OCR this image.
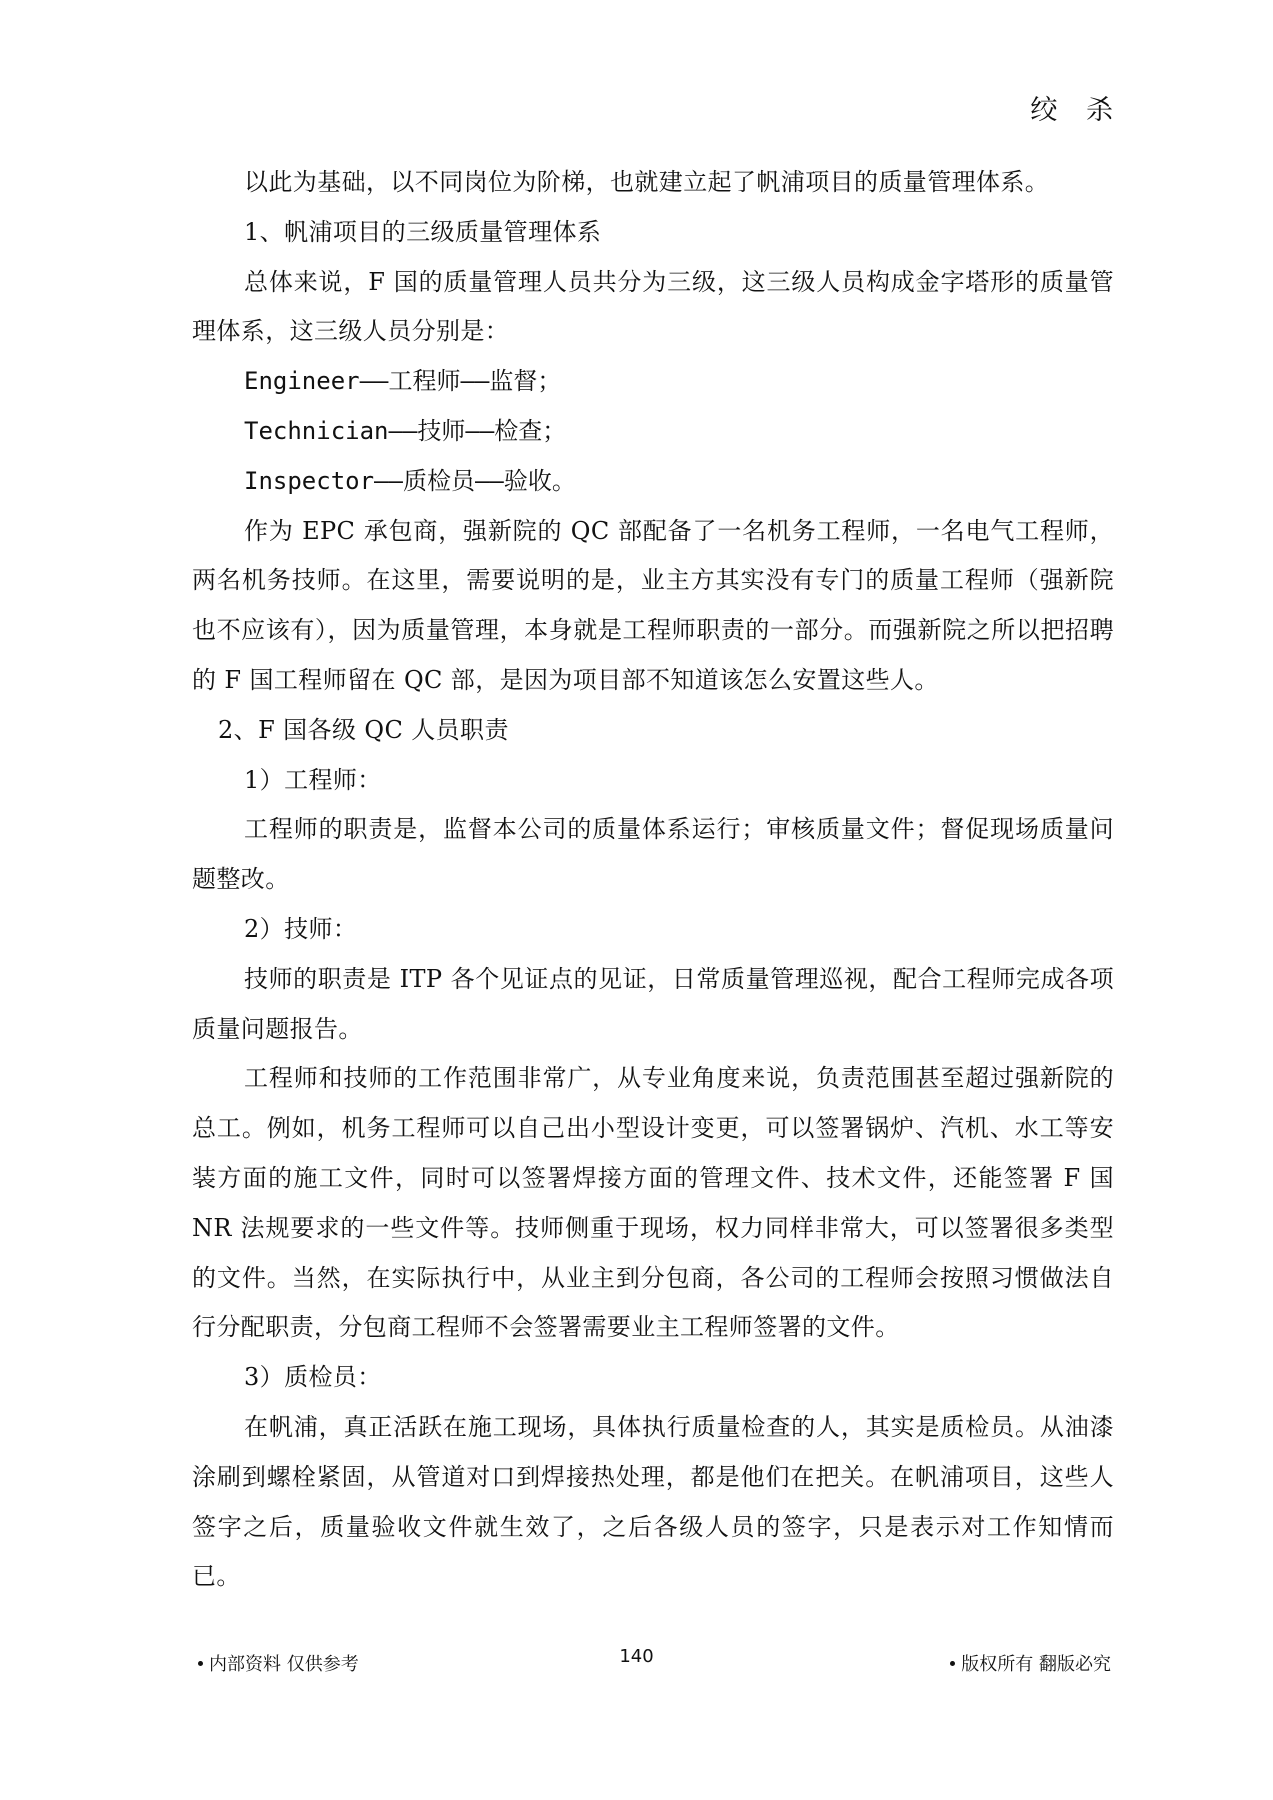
绞 杀

以此为基础，以不同岗位为阶梯，也就建立起了帆浦项目的质量管理体系。

1、帆浦项目的三级质量管理体系

总体来说，F 国的质量管理人员共分为三级，这三级人员构成金字塔形的质量管理体系，这三级人员分别是：

Engineer——工程师——监督；

Technician——技师——检查；

Inspector——质检员——验收。

作为 EPC 承包商，强新院的 QC 部配备了一名机务工程师，一名电气工程师，两名机务技师。在这里，需要说明的是，业主方其实没有专门的质量工程师（强新院也不应该有），因为质量管理，本身就是工程师职责的一部分。而强新院之所以把招聘的 F 国工程师留在 QC 部，是因为项目部不知道该怎么安置这些人。

2、F 国各级 QC 人员职责

1）工程师：

工程师的职责是，监督本公司的质量体系运行；审核质量文件；督促现场质量问题整改。

2）技师：

技师的职责是 ITP 各个见证点的见证，日常质量管理巡视，配合工程师完成各项质量问题报告。

工程师和技师的工作范围非常广，从专业角度来说，负责范围甚至超过强新院的总工。例如，机务工程师可以自己出小型设计变更，可以签署锅炉、汽机、水工等安装方面的施工文件，同时可以签署焊接方面的管理文件、技术文件，还能签署 F 国 NR 法规要求的一些文件等。技师侧重于现场，权力同样非常大，可以签署很多类型的文件。当然，在实际执行中，从业主到分包商，各公司的工程师会按照习惯做法自行分配职责，分包商工程师不会签署需要业主工程师签署的文件。

3）质检员：

在帆浦，真正活跃在施工现场，具体执行质量检查的人，其实是质检员。从油漆涂刷到螺栓紧固，从管道对口到焊接热处理，都是他们在把关。在帆浦项目，这些人签字之后，质量验收文件就生效了，之后各级人员的签字，只是表示对工作知情而已。

内部资料 仅供参考	140	版权所有 翻版必究
